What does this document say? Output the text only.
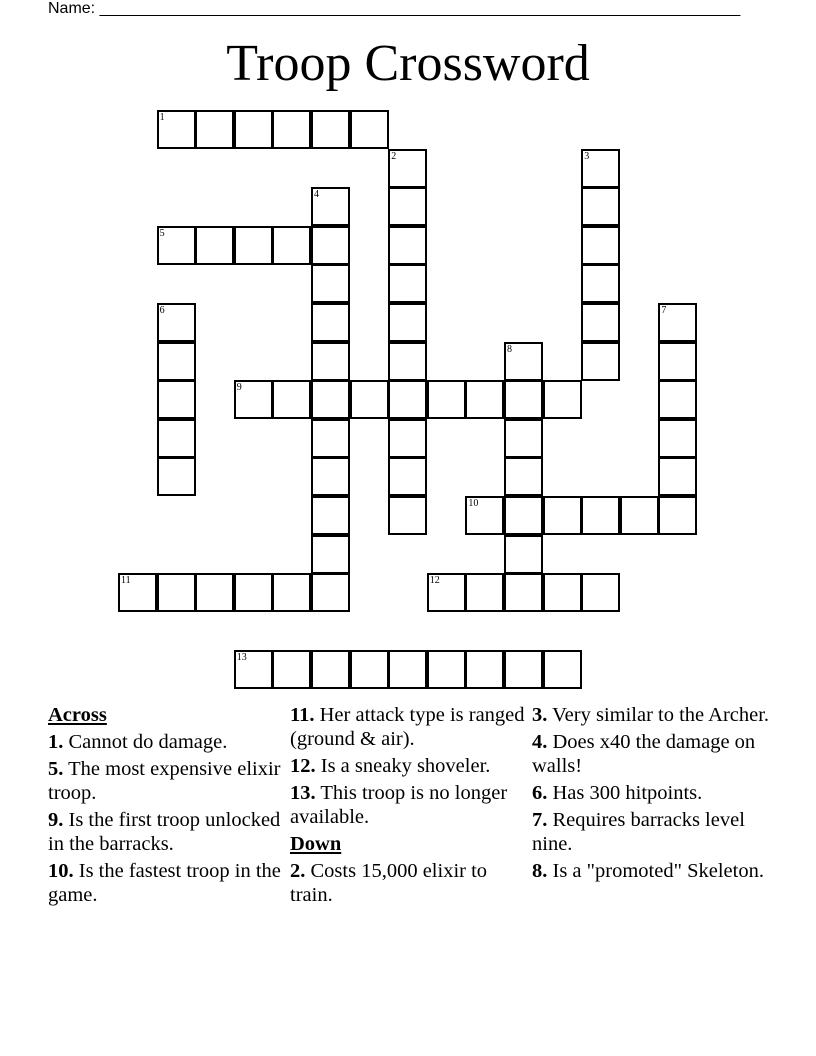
Name: ________________________________________________________________________
Troop Crossword
1
5
9
10
11	12
13
2	3
4
6	7
8
Across
1. Cannot do damage.
5. The most expensive elixir troop.
9. Is the first troop unlocked in the barracks.
10. Is the fastest troop in the game.
11. Her attack type is ranged (ground & air).
12. Is a sneaky shoveler.
13. This troop is no longer available.
Down
2. Costs 15,000 elixir to train.
3. Very similar to the Archer.
4. Does x40 the damage on walls!
6. Has 300 hitpoints.
7. Requires barracks level nine.
8. Is a "promoted" Skeleton.
